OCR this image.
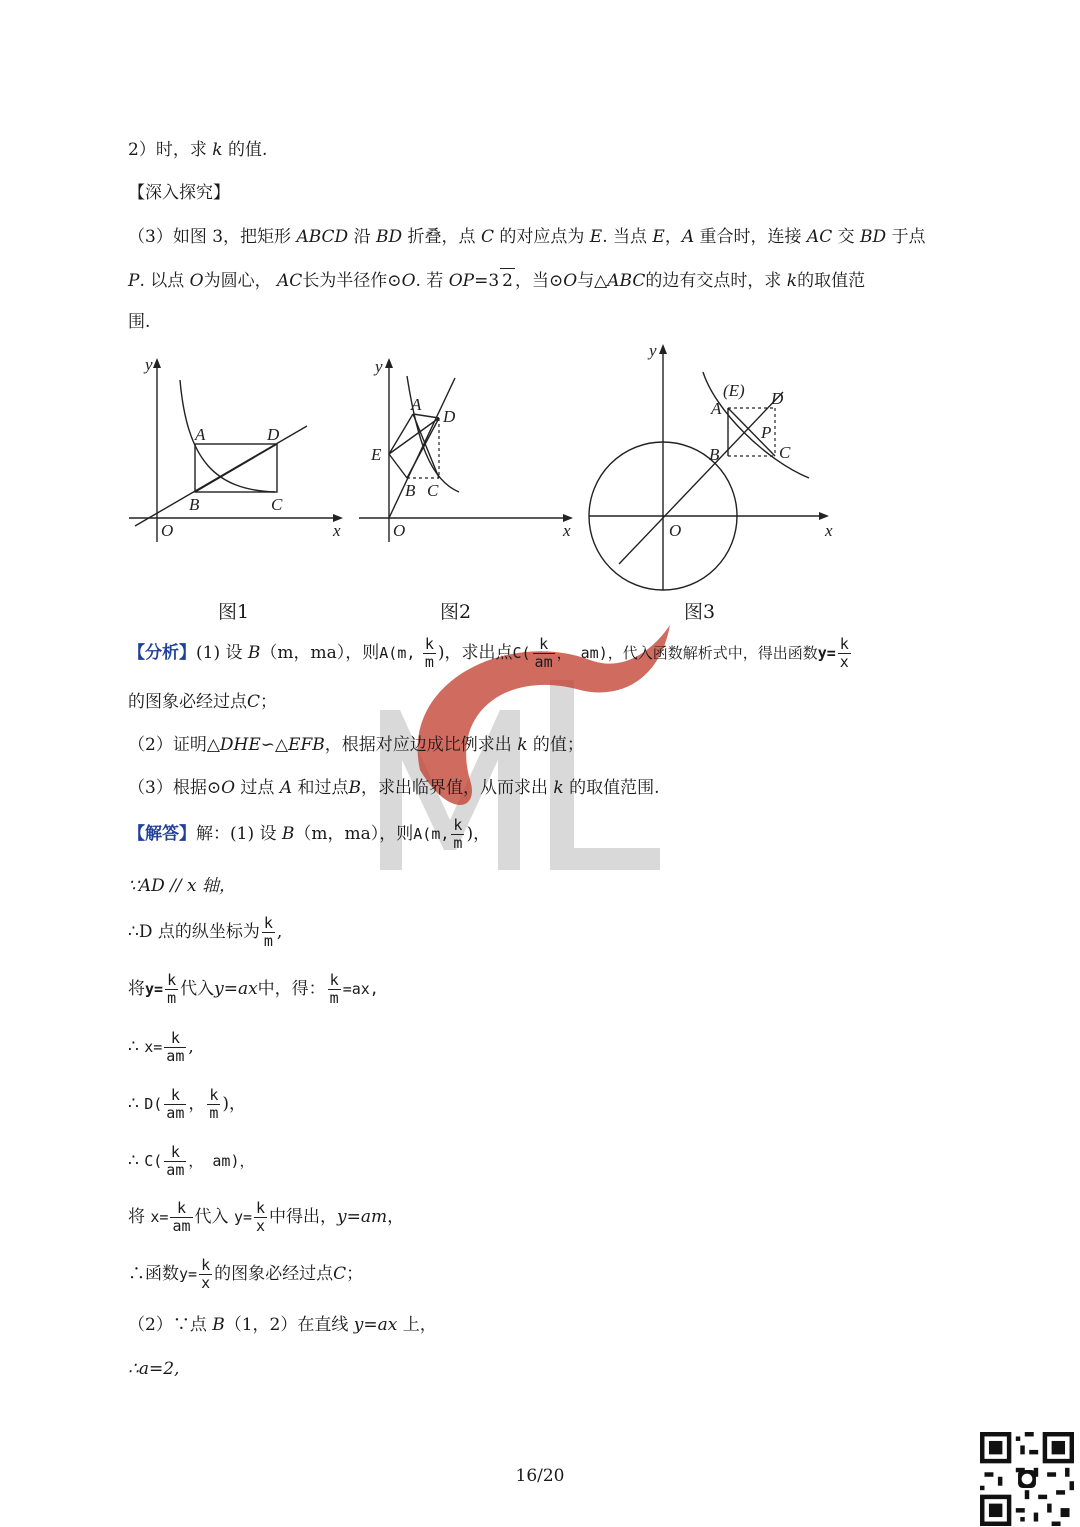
2）时，求 k 的值.
【深入探究】
（3）如图 3，把矩形 ABCD 沿 BD 折叠，点 C 的对应点为 E. 当点 E，A 重合时，连接 AC 交 BD 于点
P. 以点 O为圆心， AC长为半径作⊙O. 若 OP=3 2 ，当⊙O与△ABC的边有交点时，求 k的取值范
围.
y
x
O
A	D
B	C
y
x
O
A
D
E
B C
y
x
O
(E) D
A
P
B	C
图1	图2	图3
【分析】(1) 设 B（m，ma），则A(m, $\frac{k}{m}$ )，求出点$C( \frac{k}{am}$ ， am)，代入函数解析式中，得出函数$y= \frac{k}{x}$
的图象必经过点C；
（2）证明△DHE∽△EFB，根据对应边成比例求出 k 的值；
（3）根据⊙O 过点 A 和过点B，求出临界值，从而求出 k 的取值范围.
【解答】解：(1) 设 B（m，ma），则A(m, $\frac{k}{m}$ )，
∵AD // x 轴，
∴D 点的纵坐标为 $\frac{k}{m}$ ,
将$y= \frac{k}{m}$ 代入y=ax中，得： $\frac{k}{m} =ax$,
∴ $x= \frac{k}{am}$ ,
∴ $D( \frac{k}{am}$ ， $\frac{k}{m}$ )，
∴ $C( \frac{k}{am}$ ， am)，
将 $x= \frac{k}{am}$ 代入 $y= \frac{k}{x}$ 中得出，y=am，
∴函数$y= \frac{k}{x}$ 的图象必经过点C；
（2）∵点 B（1，2）在直线 y=ax 上，
∴a=2,
16/20
